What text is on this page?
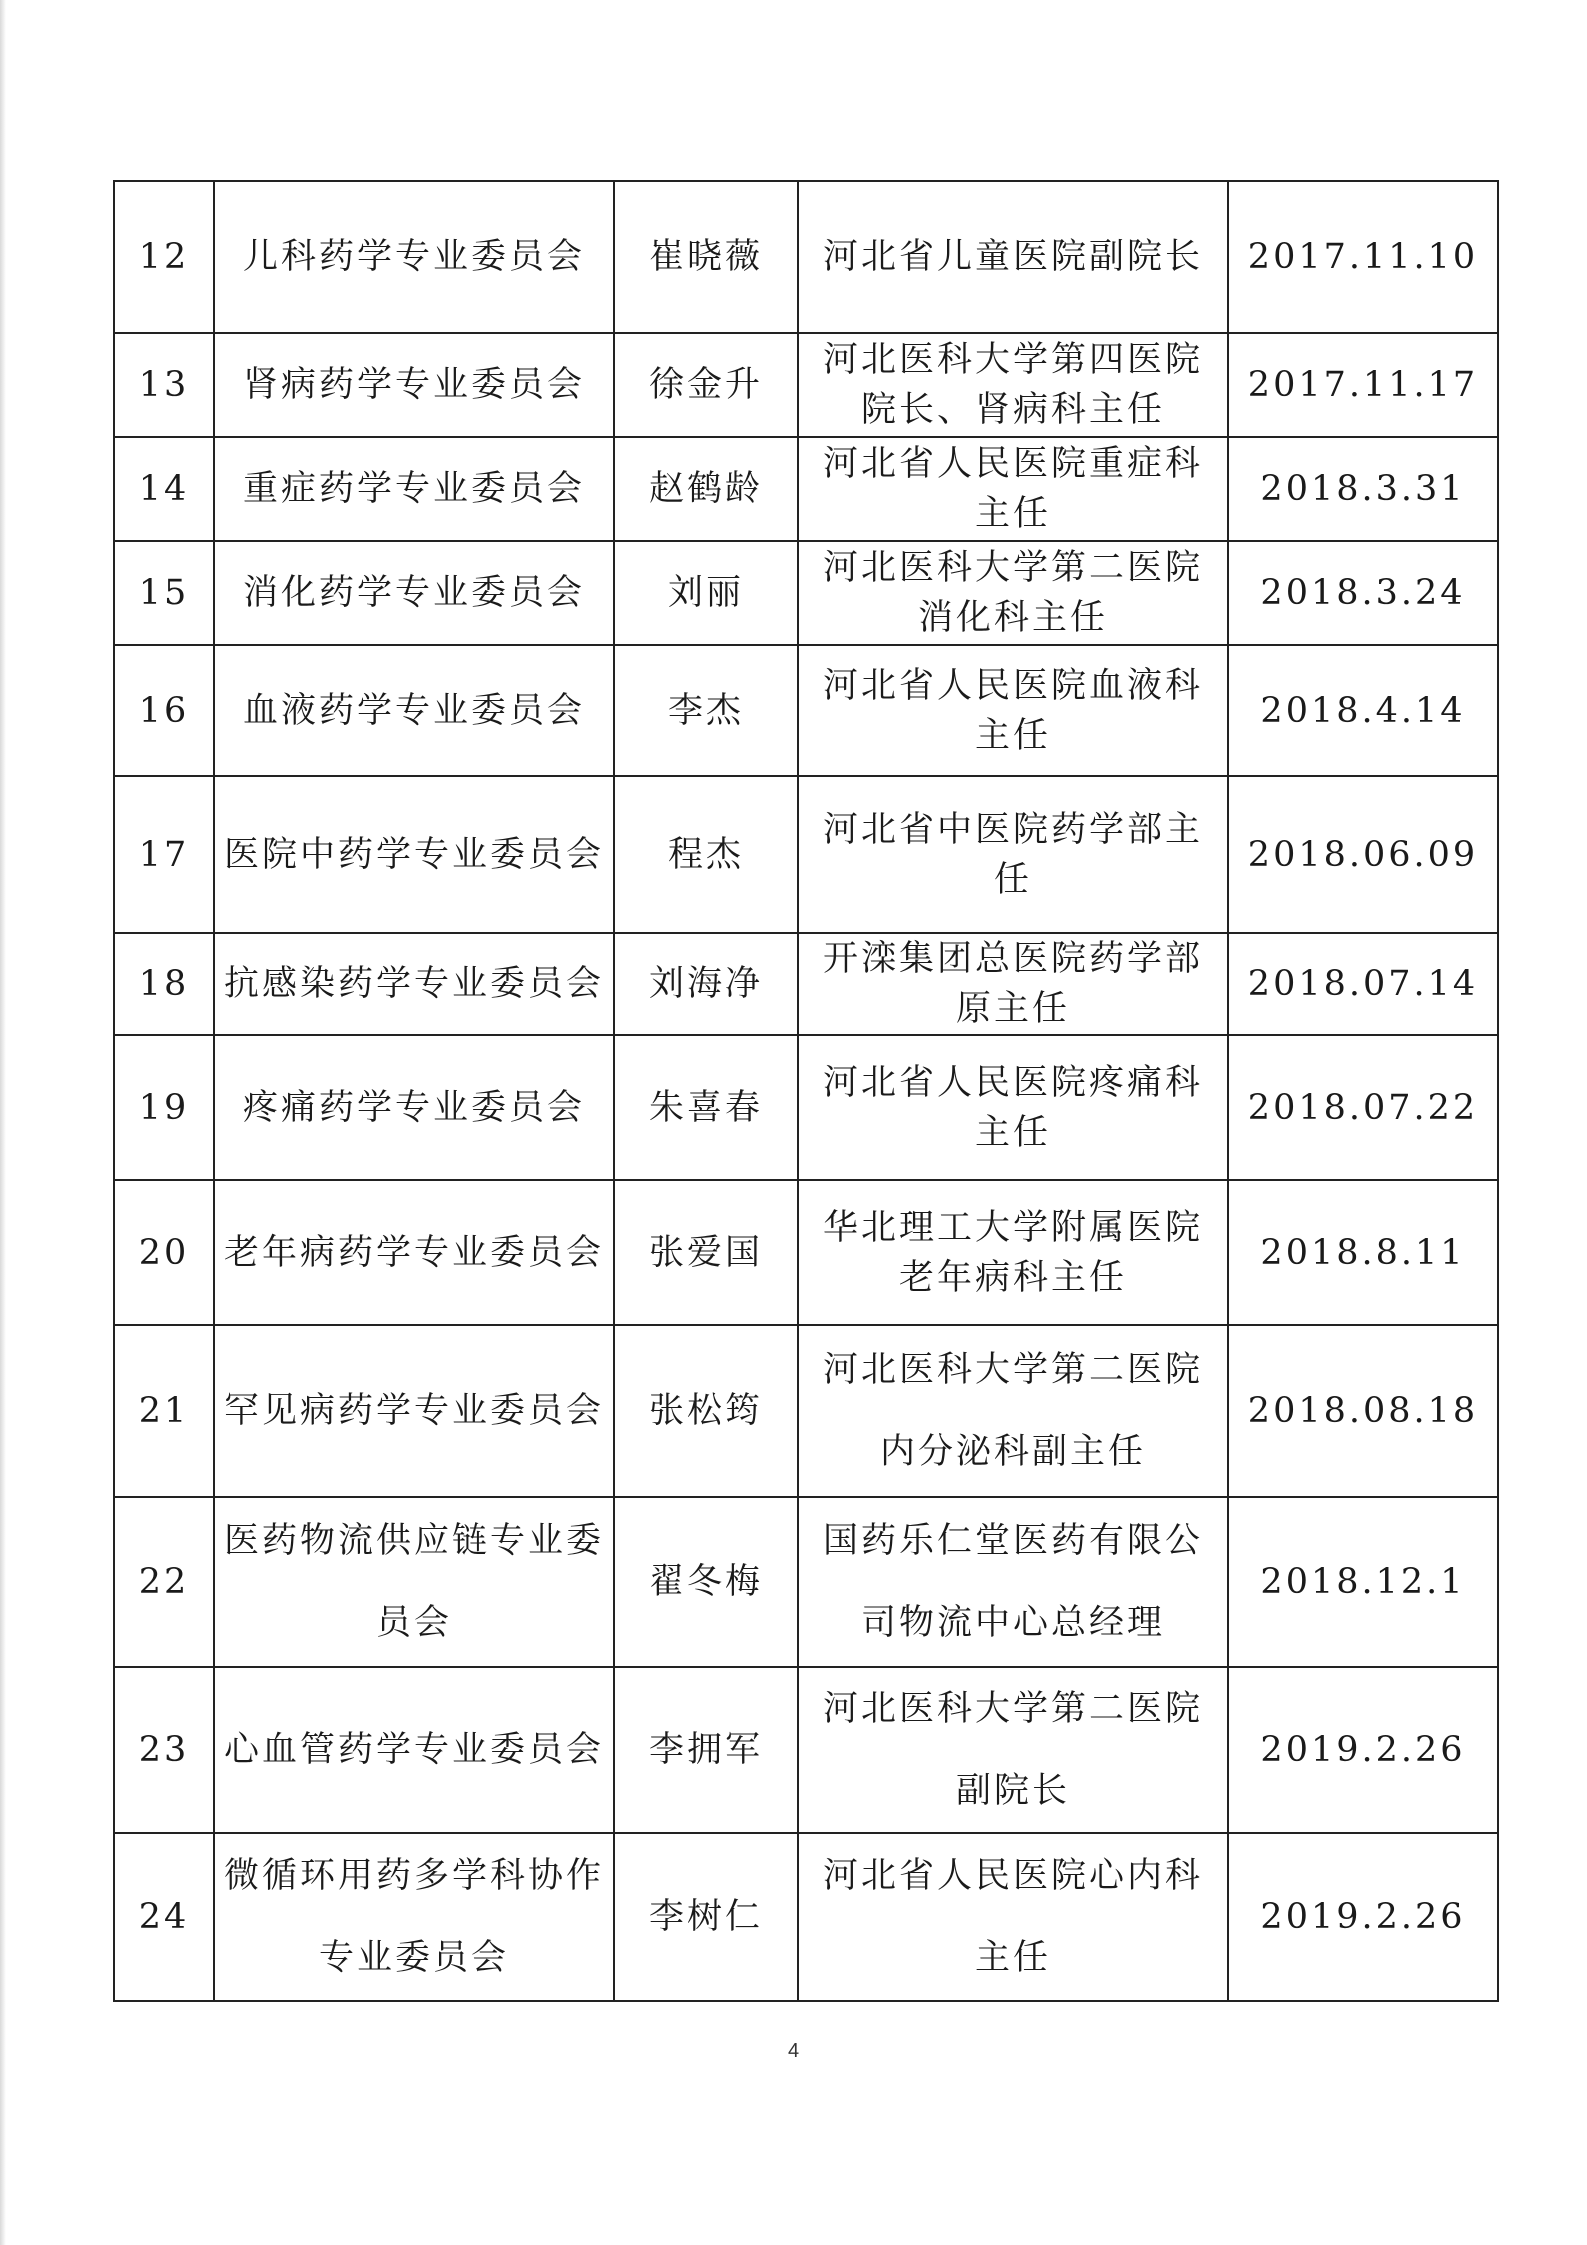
12	儿科药学专业委员会	崔晓薇	河北省儿童医院副院长	2017.11.10
13	肾病药学专业委员会	徐金升	河北医科大学第四医院院长、肾病科主任	2017.11.17
14	重症药学专业委员会	赵鹤龄	河北省人民医院重症科主任	2018.3.31
15	消化药学专业委员会	刘丽	河北医科大学第二医院消化科主任	2018.3.24
16	血液药学专业委员会	李杰	河北省人民医院血液科主任	2018.4.14
17	医院中药学专业委员会	程杰	河北省中医院药学部主任	2018.06.09
18	抗感染药学专业委员会	刘海净	开滦集团总医院药学部原主任	2018.07.14
19	疼痛药学专业委员会	朱喜春	河北省人民医院疼痛科主任	2018.07.22
20	老年病药学专业委员会	张爱国	华北理工大学附属医院老年病科主任	2018.8.11
21	罕见病药学专业委员会	张松筠	河北医科大学第二医院内分泌科副主任	2018.08.18
22	医药物流供应链专业委员会	翟冬梅	国药乐仁堂医药有限公司物流中心总经理	2018.12.1
23	心血管药学专业委员会	李拥军	河北医科大学第二医院副院长	2019.2.26
24	微循环用药多学科协作专业委员会	李树仁	河北省人民医院心内科主任	2019.2.26
4
